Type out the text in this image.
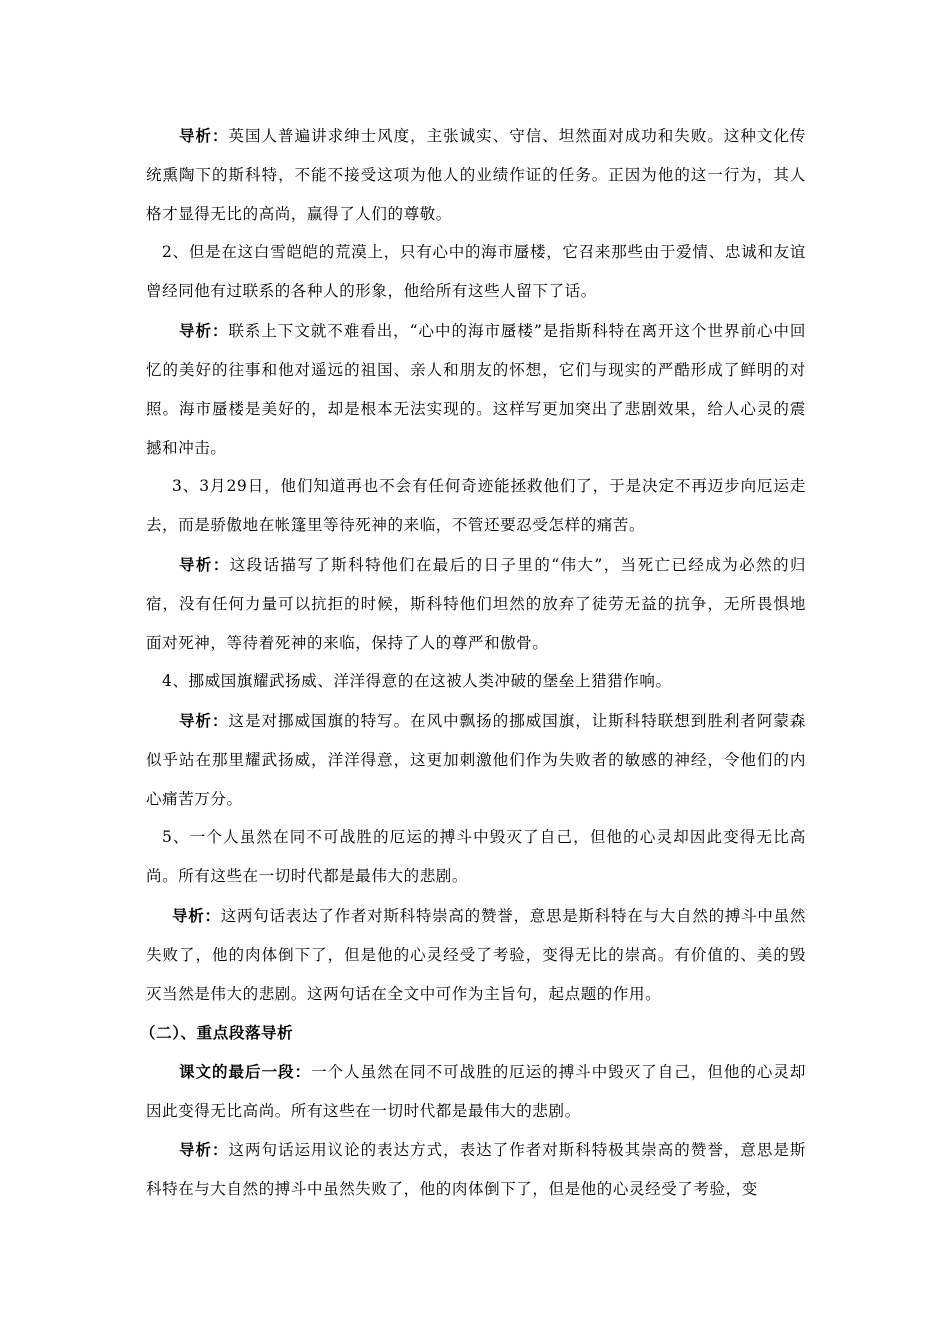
导析：英国人普遍讲求绅士风度，主张诚实、守信、坦然面对成功和失败。这种文化传统熏陶下的斯科特，不能不接受这项为他人的业绩作证的任务。正因为他的这一行为，其人格才显得无比的高尚，赢得了人们的尊敬。

2、但是在这白雪皑皑的荒漠上，只有心中的海市蜃楼，它召来那些由于爱情、忠诚和友谊曾经同他有过联系的各种人的形象，他给所有这些人留下了话。

导析：联系上下文就不难看出，“心中的海市蜃楼”是指斯科特在离开这个世界前心中回忆的美好的往事和他对遥远的祖国、亲人和朋友的怀想，它们与现实的严酷形成了鲜明的对照。海市蜃楼是美好的，却是根本无法实现的。这样写更加突出了悲剧效果，给人心灵的震撼和冲击。

3、3月29日，他们知道再也不会有任何奇迹能拯救他们了，于是决定不再迈步向厄运走去，而是骄傲地在帐篷里等待死神的来临，不管还要忍受怎样的痛苦。

导析：这段话描写了斯科特他们在最后的日子里的“伟大”，当死亡已经成为必然的归宿，没有任何力量可以抗拒的时候，斯科特他们坦然的放弃了徒劳无益的抗争，无所畏惧地面对死神，等待着死神的来临，保持了人的尊严和傲骨。

4、挪威国旗耀武扬威、洋洋得意的在这被人类冲破的堡垒上猎猎作响。

导析：这是对挪威国旗的特写。在风中飘扬的挪威国旗，让斯科特联想到胜利者阿蒙森似乎站在那里耀武扬威，洋洋得意，这更加刺激他们作为失败者的敏感的神经，令他们的内心痛苦万分。

5、一个人虽然在同不可战胜的厄运的搏斗中毁灭了自己，但他的心灵却因此变得无比高尚。所有这些在一切时代都是最伟大的悲剧。

导析：这两句话表达了作者对斯科特崇高的赞誉，意思是斯科特在与大自然的搏斗中虽然失败了，他的肉体倒下了，但是他的心灵经受了考验，变得无比的崇高。有价值的、美的毁灭当然是伟大的悲剧。这两句话在全文中可作为主旨句，起点题的作用。

（二）、重点段落导析

课文的最后一段：一个人虽然在同不可战胜的厄运的搏斗中毁灭了自己，但他的心灵却因此变得无比高尚。所有这些在一切时代都是最伟大的悲剧。

导析：这两句话运用议论的表达方式，表达了作者对斯科特极其崇高的赞誉，意思是斯科特在与大自然的搏斗中虽然失败了，他的肉体倒下了，但是他的心灵经受了考验，变
